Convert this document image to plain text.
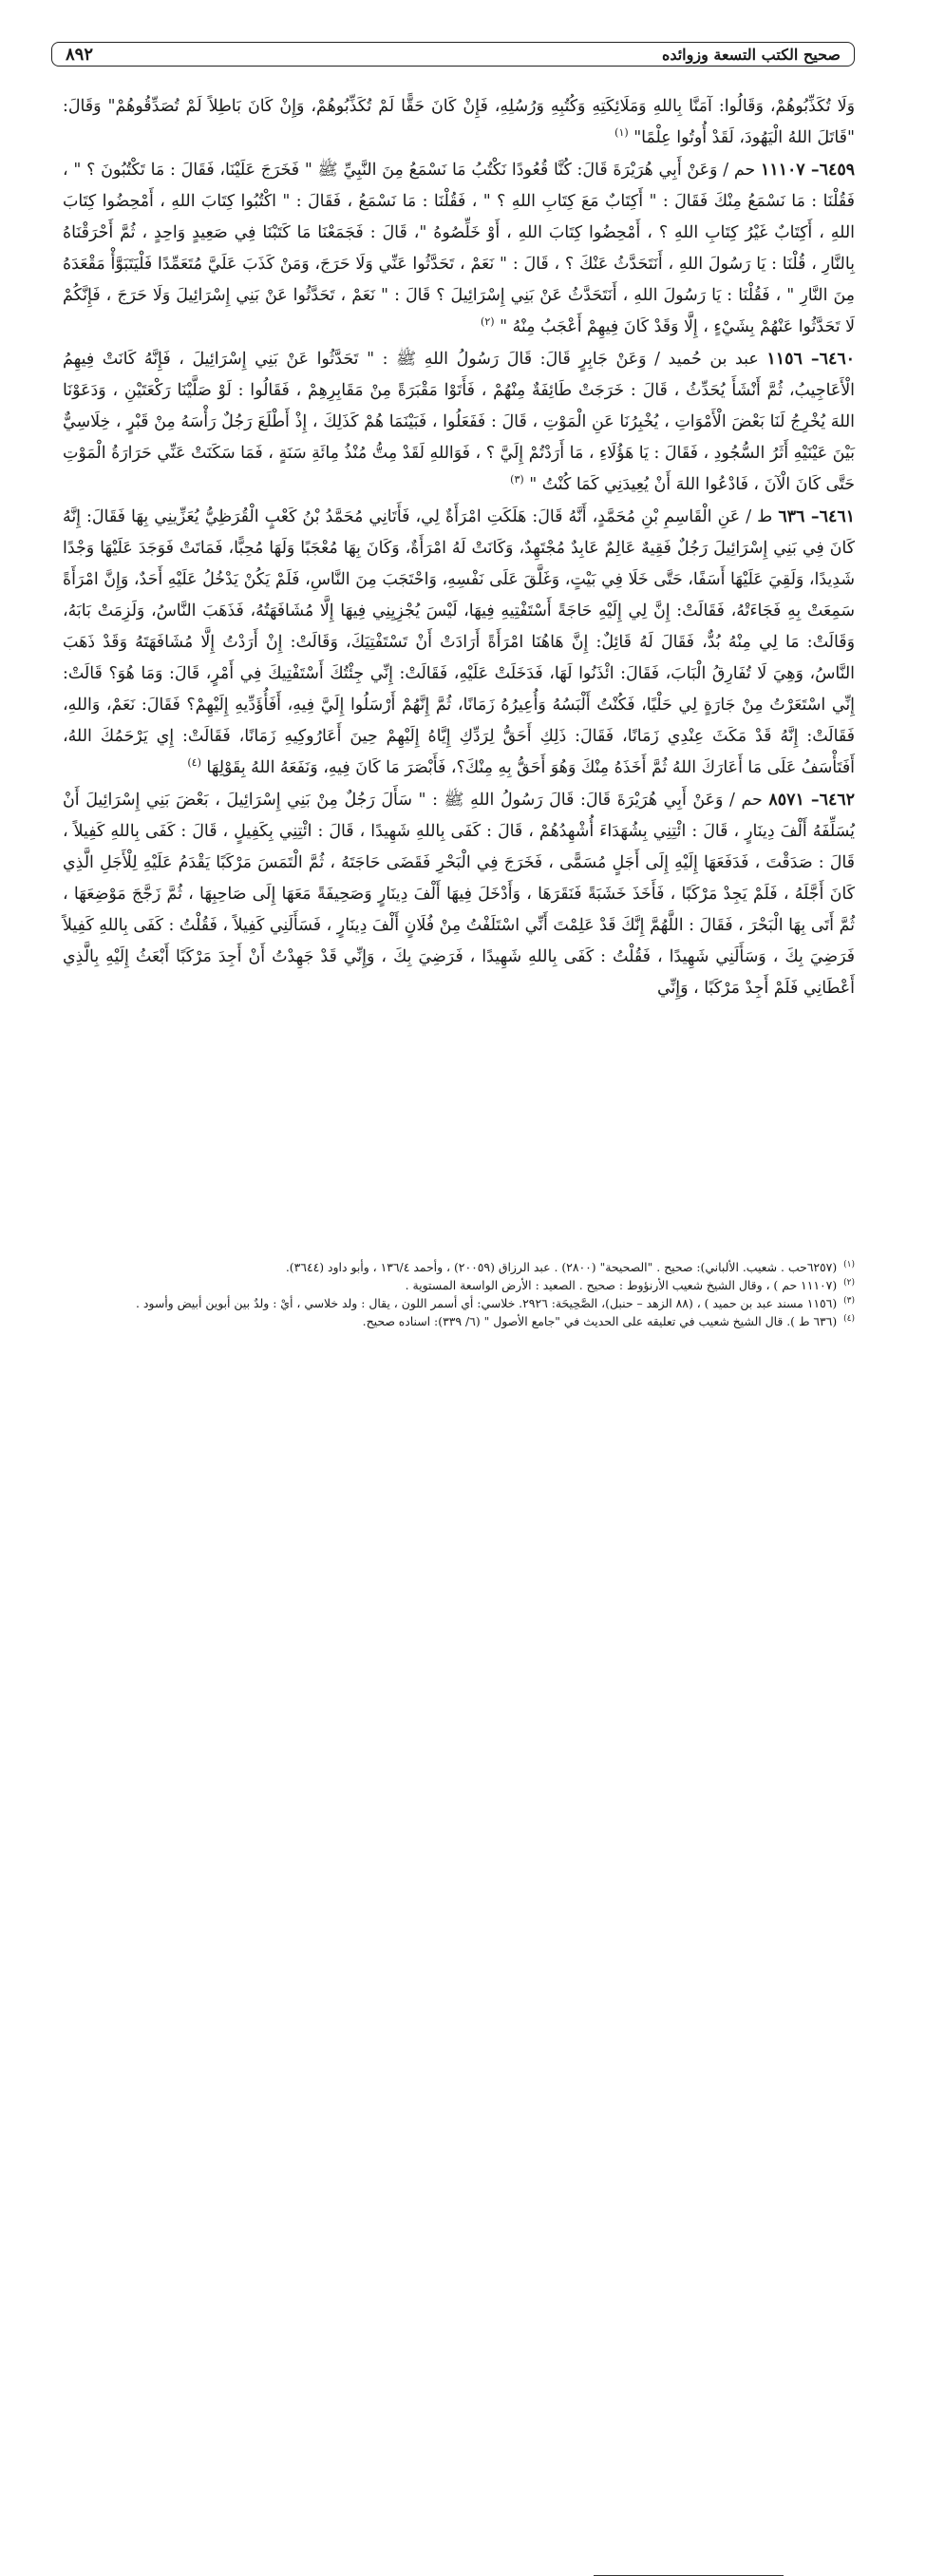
صحيح الكتب التسعة وزوائده
٨٩٢

وَلَا تُكَذِّبُوهُمْ، وَقَالُوا: آمَنَّا بِاللهِ وَمَلَائِكَتِهِ وَكُتُبِهِ وَرُسُلِهِ، فَإِنْ كَانَ حَقًّا لَمْ تُكَذِّبُوهُمْ، وَإِنْ كَانَ بَاطِلاً لَمْ تُصَدِّقُوهُمْ" وَقَالَ: "قَاتَلَ اللهُ الْيَهُودَ، لَقَدْ أُوتُوا عِلْمًا" $^{(١)}$

٦٤٥٩– ١١١٠٧ حم / وَعَنْ أَبِي هُرَيْرَةَ قَالَ: كُنَّا قُعُودًا نَكْتُبُ مَا نَسْمَعُ مِنَ النَّبِيِّ ﷺ " فَخَرَجَ عَلَيْنَا، فَقَالَ : مَا تَكْتُبُونَ ؟ " ، فَقُلْنَا : مَا نَسْمَعُ مِنْكَ فَقَالَ : " أَكِتَابٌ مَعَ كِتَابِ اللهِ ؟ " ، فَقُلْنَا : مَا نَسْمَعُ ، فَقَالَ : " اكْتُبُوا كِتَابَ اللهِ ، أَمْحِضُوا كِتَابَ اللهِ ، أَكِتَابٌ غَيْرُ كِتَابِ اللهِ ؟ ، أَمْحِضُوا كِتَابَ اللهِ ، أَوْ خَلِّصُوهُ "، قَالَ : فَجَمَعْنَا مَا كَتَبْنَا فِي صَعِيدٍ وَاحِدٍ ، ثُمَّ أَحْرَقْنَاهُ بِالنَّارِ ، قُلْنَا : يَا رَسُولَ اللهِ ، أَنَتَحَدَّثُ عَنْكَ ؟ ، قَالَ : " نَعَمْ ، تَحَدَّثُوا عَنِّي وَلَا حَرَجَ، وَمَنْ كَذَبَ عَلَيَّ مُتَعَمِّدًا فَلْيَتَبَوَّأْ مَقْعَدَهُ مِنَ النَّارِ " ، فَقُلْنَا : يَا رَسُولَ اللهِ ، أَنَتَحَدَّثُ عَنْ بَنِي إِسْرَائِيلَ ؟ قَالَ : " نَعَمْ ، تَحَدَّثُوا عَنْ بَنِي إِسْرَائِيلَ وَلَا حَرَجَ ، فَإِنَّكُمْ لَا تَحَدَّثُوا عَنْهُمْ بِشَيْءٍ ، إِلَّا وَقَدْ كَانَ فِيهِمْ أَعْجَبُ مِنْهُ " $^{(٢)}$

٦٤٦٠– ١١٥٦ عبد بن حُميد / وَعَنْ جَابِرٍ قَالَ: قَالَ رَسُولُ اللهِ ﷺ : " تَحَدَّثُوا عَنْ بَنِي إِسْرَائِيلَ ، فَإِنَّهُ كَانَتْ فِيهِمُ الْأَعَاجِيبُ، ثُمَّ أَنْشَأَ يُحَدِّثُ ، قَالَ : خَرَجَتْ طَائِفَةٌ مِنْهُمْ ، فَأَتَوْا مَقْبَرَةً مِنْ مَقَابِرِهِمْ ، فَقَالُوا : لَوْ صَلَّيْنَا رَكْعَتَيْنِ ، وَدَعَوْنَا اللهَ يُخْرِجُ لَنَا بَعْضَ الْأَمْوَاتِ ، يُخْبِرُنَا عَنِ الْمَوْتِ ، قَالَ : فَفَعَلُوا ، فَبَيْنَمَا هُمْ كَذَلِكَ ، إِذْ أَطْلَعَ رَجُلٌ رَأْسَهُ مِنْ قَبْرٍ ، خِلَاسِيٌّ بَيْنَ عَيْنَيْهِ أَثَرُ السُّجُودِ ، فَقَالَ : يَا هَؤُلَاءِ ، مَا أَرَدْتُمْ إِلَيَّ ؟ ، فَوَاللهِ لَقَدْ مِتُّ مُنْذُ مِائَةِ سَنَةٍ ، فَمَا سَكَنَتْ عَنِّي حَرَارَةُ الْمَوْتِ حَتَّى كَانَ الْآنَ ، فَادْعُوا اللهَ أَنْ يُعِيدَنِي كَمَا كُنْتُ " $^{(٣)}$

٦٤٦١– ٦٣٦ ط / عَنِ الْقَاسِمِ بْنِ مُحَمَّدٍ، أَنَّهُ قَالَ: هَلَكَتِ امْرَأَةٌ لِي، فَأَتَانِي مُحَمَّدُ بْنُ كَعْبٍ الْقُرَظِيُّ يُعَزِّينِي بِهَا فَقَالَ: إِنَّهُ كَانَ فِي بَنِي إِسْرَائِيلَ رَجُلٌ فَقِيهٌ عَالِمٌ عَابِدٌ مُجْتَهِدٌ، وَكَانَتْ لَهُ امْرَأَةٌ، وَكَانَ بِهَا مُعْجَبًا وَلَهَا مُحِبًّا، فَمَاتَتْ فَوَجَدَ عَلَيْهَا وَجْدًا شَدِيدًا، وَلَقِيَ عَلَيْهَا أَسَفًا، حَتَّى خَلَا فِي بَيْتٍ، وَغَلَّقَ عَلَى نَفْسِهِ، وَاحْتَجَبَ مِنَ النَّاسِ، فَلَمْ يَكُنْ يَدْخُلُ عَلَيْهِ أَحَدٌ، وَإِنَّ امْرَأَةً سَمِعَتْ بِهِ فَجَاءَتْهُ، فَقَالَتْ: إِنَّ لِي إِلَيْهِ حَاجَةً أَسْتَفْتِيهِ فِيهَا، لَيْسَ يُجْزِيِنِي فِيهَا إِلَّا مُشَافَهَتُهُ، فَذَهَبَ النَّاسُ، وَلَزِمَتْ بَابَهُ، وَقَالَتْ: مَا لِي مِنْهُ بُدٌّ، فَقَالَ لَهُ قَائِلٌ: إِنَّ هَاهُنَا امْرَأَةً أَرَادَتْ أَنْ تَسْتَفْتِيَكَ، وَقَالَتْ: إِنْ أَرَدْتُ إِلَّا مُشَافَهَتَهُ وَقَدْ ذَهَبَ النَّاسُ، وَهِيَ لَا تُفَارِقُ الْبَابَ، فَقَالَ: ائْذَنُوا لَهَا، فَدَخَلَتْ عَلَيْهِ، فَقَالَتْ: إِنِّي جِئْتُكَ أَسْتَفْتِيكَ فِي أَمْرٍ، قَالَ: وَمَا هُوَ؟ قَالَتْ: إِنِّي اسْتَعَرْتُ مِنْ جَارَةٍ لِي حَلْيًا، فَكُنْتُ أَلْبَسُهُ وَأُعِيرُهُ زَمَانًا، ثُمَّ إِنَّهُمْ أَرْسَلُوا إِلَيَّ فِيهِ، أَفَأُؤَدِّيهِ إِلَيْهِمْ؟ فَقَالَ: نَعَمْ، وَاللهِ، فَقَالَتْ: إِنَّهُ قَدْ مَكَثَ عِنْدِي زَمَانًا، فَقَالَ: ذَلِكِ أَحَقُّ لِرَدِّكِ إِيَّاهُ إِلَيْهِمْ حِينَ أَعَارُوكِيهِ زَمَانًا، فَقَالَتْ: إِي يَرْحَمُكَ اللهُ، أَفَتَأْسَفُ عَلَى مَا أَعَارَكَ اللهُ ثُمَّ أَخَذَهُ مِنْكَ وَهُوَ أَحَقُّ بِهِ مِنْكَ؟، فَأَبْصَرَ مَا كَانَ فِيهِ، وَنَفَعَهُ اللهُ بِقَوْلِهَا $^{(٤)}$

٦٤٦٢– ٨٥٧١ حم / وَعَنْ أَبِي هُرَيْرَةَ قَالَ: قَالَ رَسُولُ اللهِ ﷺ : " سَأَلَ رَجُلٌ مِنْ بَنِي إِسْرَائِيلَ ، بَعْضَ بَنِي إِسْرَائِيلَ أَنْ يُسَلِّفَهُ أَلْفَ دِينَارٍ ، قَالَ : ائْتِنِي بِشُهَدَاءَ أُشْهِدُهُمْ ، قَالَ : كَفَى بِاللهِ شَهِيدًا ، قَالَ : ائْتِنِي بِكَفِيلٍ ، قَالَ : كَفَى بِاللهِ كَفِيلاً ، قَالَ : صَدَقْتَ ، فَدَفَعَهَا إِلَيْهِ إِلَى أَجَلٍ مُسَمًّى ، فَخَرَجَ فِي الْبَحْرِ فَقَضَى حَاجَتَهُ ، ثُمَّ الْتَمَسَ مَرْكَبًا يَقْدَمُ عَلَيْهِ لِلْأَجَلِ الَّذِي كَانَ أَجَّلَهُ ، فَلَمْ يَجِدْ مَرْكَبًا ، فَأَخَذَ خَشَبَةً فَنَقَرَهَا ، وَأَدْخَلَ فِيهَا أَلْفَ دِينَارٍ وَصَحِيفَةً مَعَهَا إِلَى صَاحِبِهَا ، ثُمَّ زَجَّجَ مَوْضِعَهَا ، ثُمَّ أَتَى بِهَا الْبَحْرَ ، فَقَالَ : اللَّهُمَّ إِنَّكَ قَدْ عَلِمْتَ أَنِّي اسْتَلَفْتُ مِنْ فُلَانٍ أَلْفَ دِينَارٍ ، فَسَأَلَنِي كَفِيلاً ، فَقُلْتُ : كَفَى بِاللهِ كَفِيلاً فَرَضِيَ بِكَ ، وَسَأَلَنِي شَهِيدًا ، فَقُلْتُ : كَفَى بِاللهِ شَهِيدًا ، فَرَضِيَ بِكَ ، وَإِنِّي قَدْ جَهِدْتُ أَنْ أَجِدَ مَرْكَبًا أَبْعَثُ إِلَيْهِ بِالَّذِي أَعْطَانِي فَلَمْ أَجِدْ مَرْكَبًا ، وَإِنِّي

$^{(١)}$ (٦٢٥٧حب . شعيب. الألباني): صحيح . "الصحيحة" (٢٨٠٠) . عبد الرزاق (٢٠٠٥٩) ، وأحمد ١٣٦/٤ ، وأبو داود (٣٦٤٤).

$^{(٢)}$ (١١١٠٧ حم ) ، وقال الشيخ شعيب الأرنؤوط : صحيح . الصعيد : الأرض الواسعة المستوية .

$^{(٣)}$ (١١٥٦ مسند عبد بن حميد ) ، (٨٨ الزهد – حنبل)، الصَّحِيحَة: ٢٩٢٦. خلاسي: أي أسمر اللون ، يقال : ولد خلاسي ، أيْ : ولدٌ بين أبوين أبيض وأسود .

$^{(٤)}$ (٦٣٦ ط ). قال الشيخ شعيب في تعليقه على الحديث في "جامع الأصول " (٦/ ٣٣٩): اسناده صحيح.
